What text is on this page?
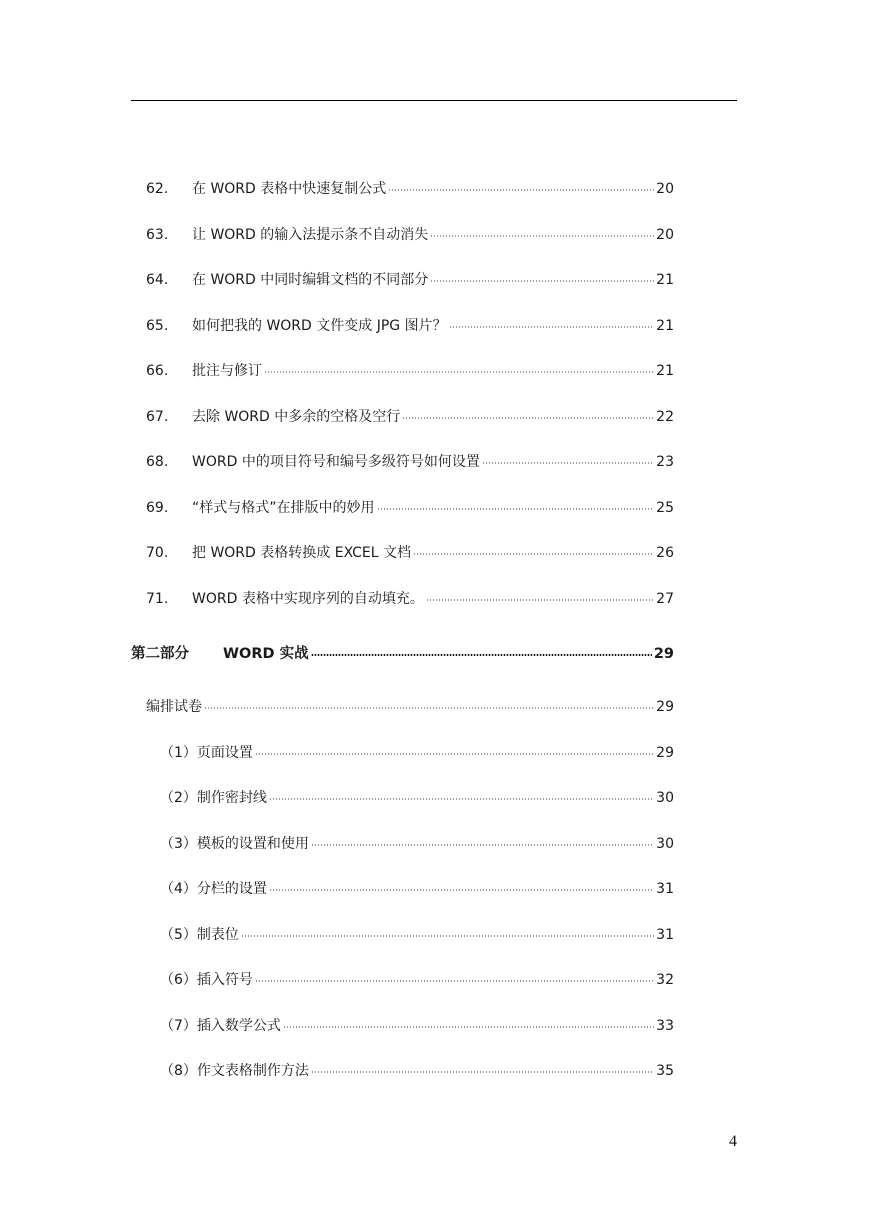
62.	在 WORD 表格中快速复制公式	20
63.	让 WORD 的输入法提示条不自动消失	20
64.	在 WORD 中同时编辑文档的不同部分	21
65.	如何把我的 WORD 文件变成 JPG 图片？	21
66.	批注与修订	21
67.	去除 WORD 中多余的空格及空行	22
68.	WORD 中的项目符号和编号多级符号如何设置	23
69.	“样式与格式”在排版中的妙用	25
70.	把 WORD 表格转换成 EXCEL 文档	26
71.	WORD 表格中实现序列的自动填充。	27
第二部分	WORD 实战	29
编排试卷	29
（1）页面设置	29
（2）制作密封线	30
（3）模板的设置和使用	30
（4）分栏的设置	31
（5）制表位	31
（6）插入符号	32
（7）插入数学公式	33
（8）作文表格制作方法	35
4
